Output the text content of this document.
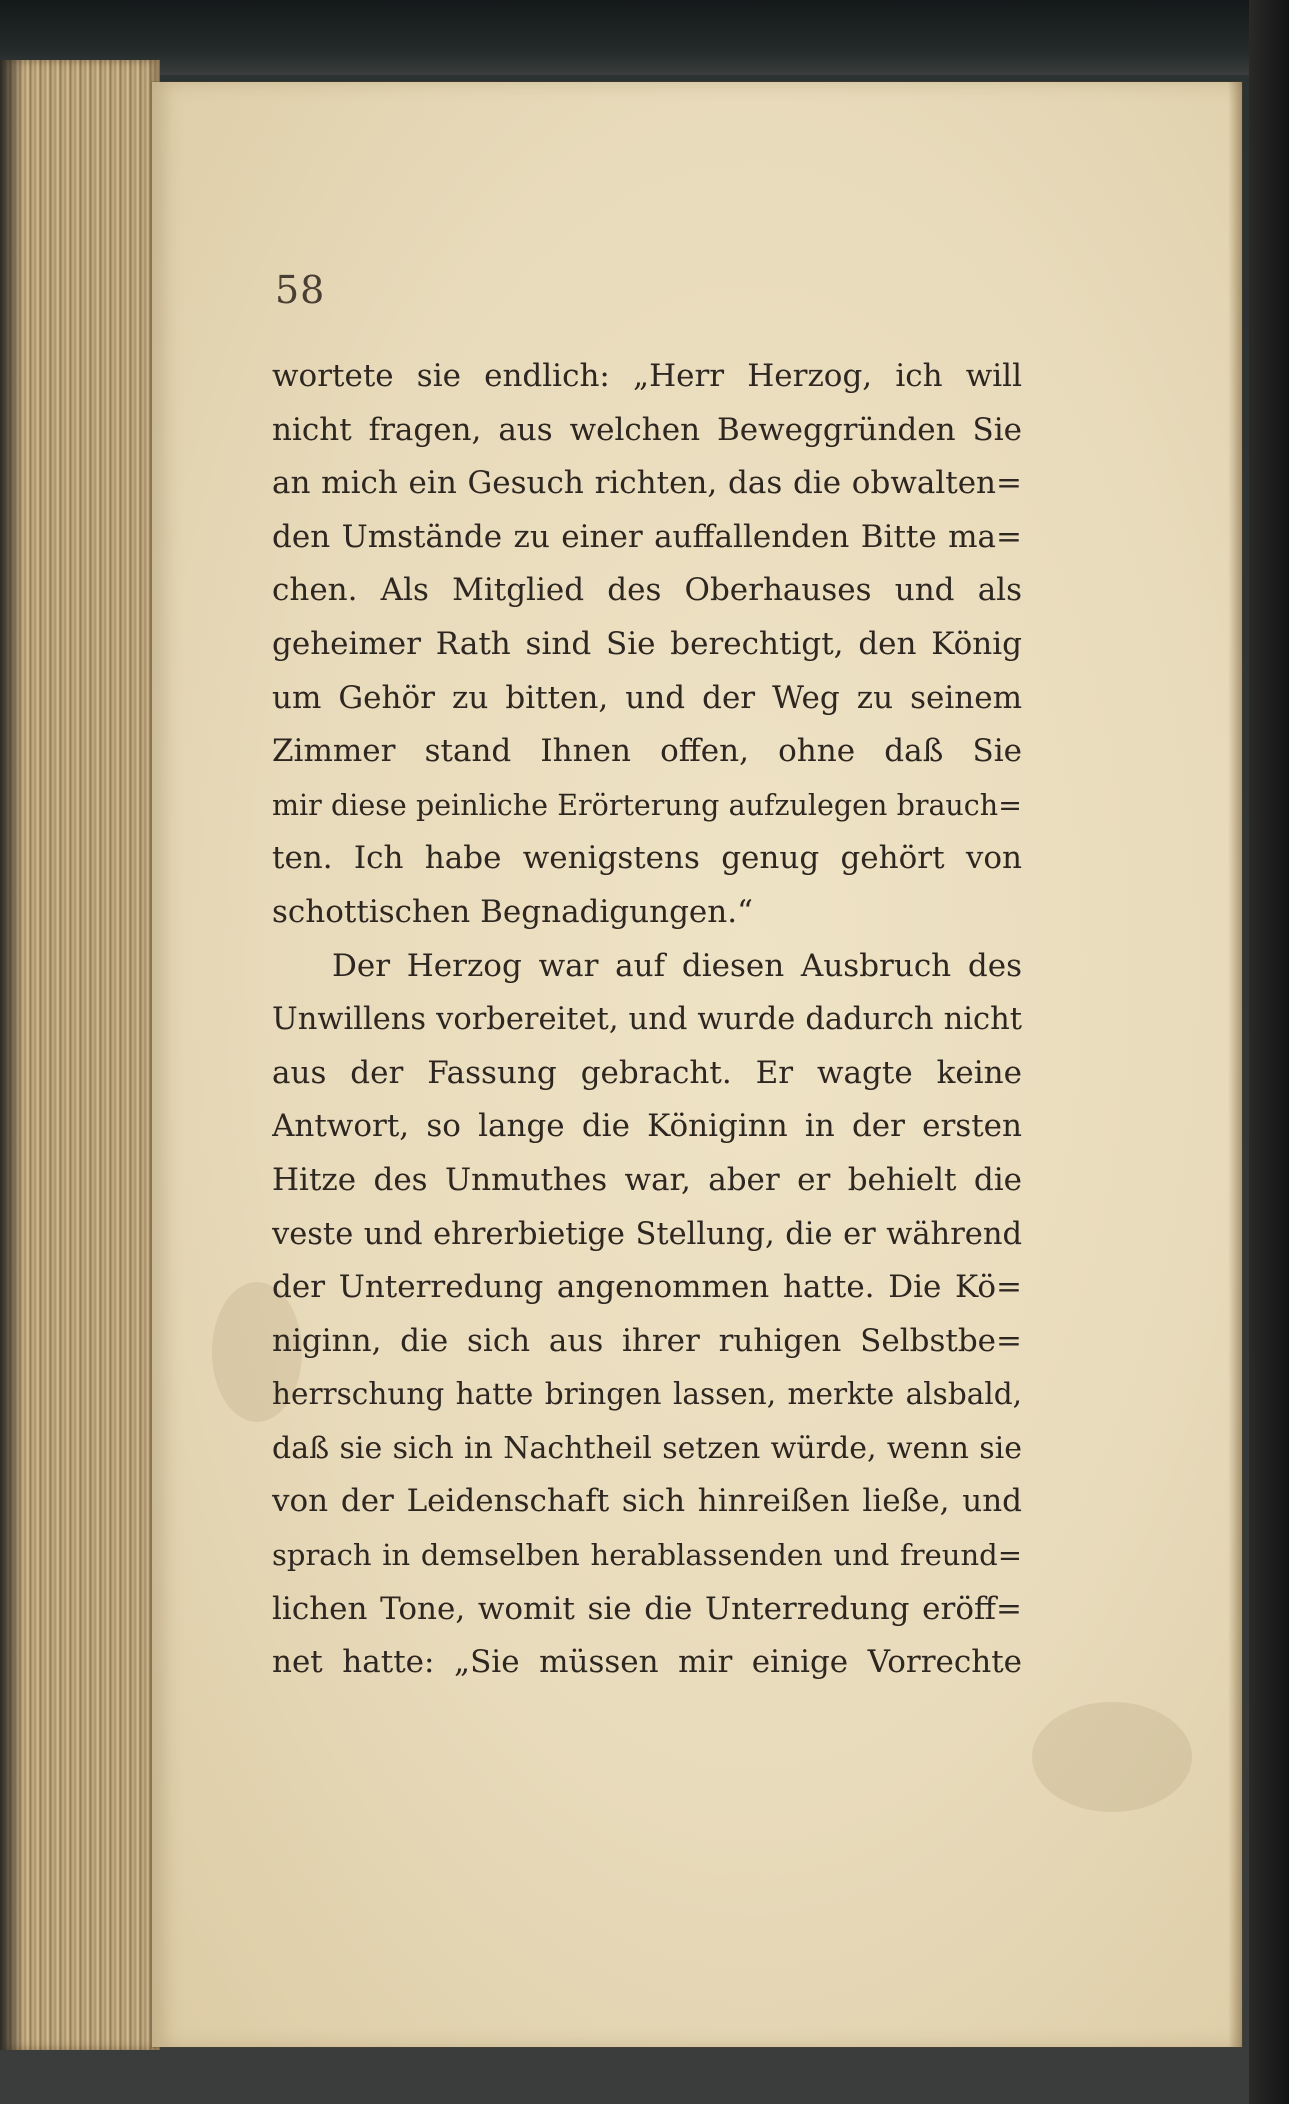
58
wortete sie endlich: „Herr Herzog, ich will
nicht fragen, aus welchen Beweggründen Sie
an mich ein Gesuch richten, das die obwalten=
den Umstände zu einer auffallenden Bitte ma=
chen. Als Mitglied des Oberhauses und als
geheimer Rath sind Sie berechtigt, den König
um Gehör zu bitten, und der Weg zu seinem
Zimmer stand Ihnen offen, ohne daß Sie
mir diese peinliche Erörterung aufzulegen brauch=
ten. Ich habe wenigstens genug gehört von
schottischen Begnadigungen.“
Der Herzog war auf diesen Ausbruch des
Unwillens vorbereitet, und wurde dadurch nicht
aus der Fassung gebracht. Er wagte keine
Antwort, so lange die Königinn in der ersten
Hitze des Unmuthes war, aber er behielt die
veste und ehrerbietige Stellung, die er während
der Unterredung angenommen hatte. Die Kö=
niginn, die sich aus ihrer ruhigen Selbstbe=
herrschung hatte bringen lassen, merkte alsbald,
daß sie sich in Nachtheil setzen würde, wenn sie
von der Leidenschaft sich hinreißen ließe, und
sprach in demselben herablassenden und freund=
lichen Tone, womit sie die Unterredung eröff=
net hatte: „Sie müssen mir einige Vorrechte
